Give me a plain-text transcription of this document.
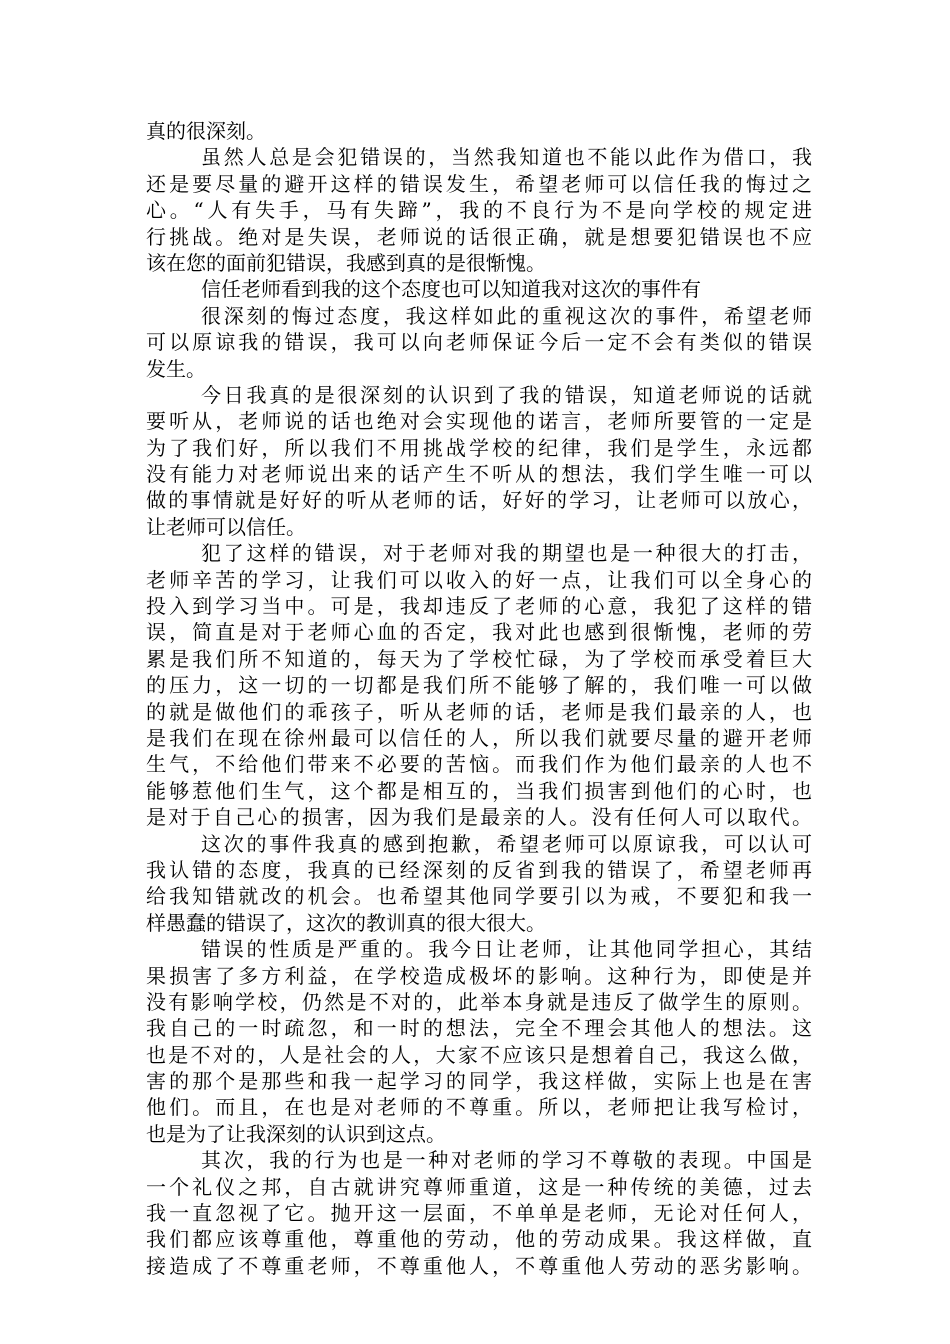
真的很深刻。
虽然人总是会犯错误的，当然我知道也不能以此作为借口，我
还是要尽量的避开这样的错误发生，希望老师可以信任我的悔过之
心。“人有失手，马有失蹄”，我的不良行为不是向学校的规定进
行挑战。绝对是失误，老师说的话很正确，就是想要犯错误也不应
该在您的面前犯错误，我感到真的是很惭愧。
信任老师看到我的这个态度也可以知道我对这次的事件有
很深刻的悔过态度，我这样如此的重视这次的事件，希望老师
可以原谅我的错误，我可以向老师保证今后一定不会有类似的错误
发生。
今日我真的是很深刻的认识到了我的错误，知道老师说的话就
要听从，老师说的话也绝对会实现他的诺言，老师所要管的一定是
为了我们好，所以我们不用挑战学校的纪律，我们是学生，永远都
没有能力对老师说出来的话产生不听从的想法，我们学生唯一可以
做的事情就是好好的听从老师的话，好好的学习，让老师可以放心，
让老师可以信任。
犯了这样的错误，对于老师对我的期望也是一种很大的打击，
老师辛苦的学习，让我们可以收入的好一点，让我们可以全身心的
投入到学习当中。可是，我却违反了老师的心意，我犯了这样的错
误，简直是对于老师心血的否定，我对此也感到很惭愧，老师的劳
累是我们所不知道的，每天为了学校忙碌，为了学校而承受着巨大
的压力，这一切的一切都是我们所不能够了解的，我们唯一可以做
的就是做他们的乖孩子，听从老师的话，老师是我们最亲的人，也
是我们在现在徐州最可以信任的人，所以我们就要尽量的避开老师
生气，不给他们带来不必要的苦恼。而我们作为他们最亲的人也不
能够惹他们生气，这个都是相互的，当我们损害到他们的心时，也
是对于自己心的损害，因为我们是最亲的人。没有任何人可以取代。
这次的事件我真的感到抱歉，希望老师可以原谅我，可以认可
我认错的态度，我真的已经深刻的反省到我的错误了，希望老师再
给我知错就改的机会。也希望其他同学要引以为戒，不要犯和我一
样愚蠢的错误了，这次的教训真的很大很大。
错误的性质是严重的。我今日让老师，让其他同学担心，其结
果损害了多方利益，在学校造成极坏的影响。这种行为，即使是并
没有影响学校，仍然是不对的，此举本身就是违反了做学生的原则。
我自己的一时疏忽，和一时的想法，完全不理会其他人的想法。这
也是不对的，人是社会的人，大家不应该只是想着自己，我这么做，
害的那个是那些和我一起学习的同学，我这样做，实际上也是在害
他们。而且，在也是对老师的不尊重。所以，老师把让我写检讨，
也是为了让我深刻的认识到这点。
其次，我的行为也是一种对老师的学习不尊敬的表现。中国是
一个礼仪之邦，自古就讲究尊师重道，这是一种传统的美德，过去
我一直忽视了它。抛开这一层面，不单单是老师，无论对任何人，
我们都应该尊重他，尊重他的劳动，他的劳动成果。我这样做，直
接造成了不尊重老师，不尊重他人，不尊重他人劳动的恶劣影响。
